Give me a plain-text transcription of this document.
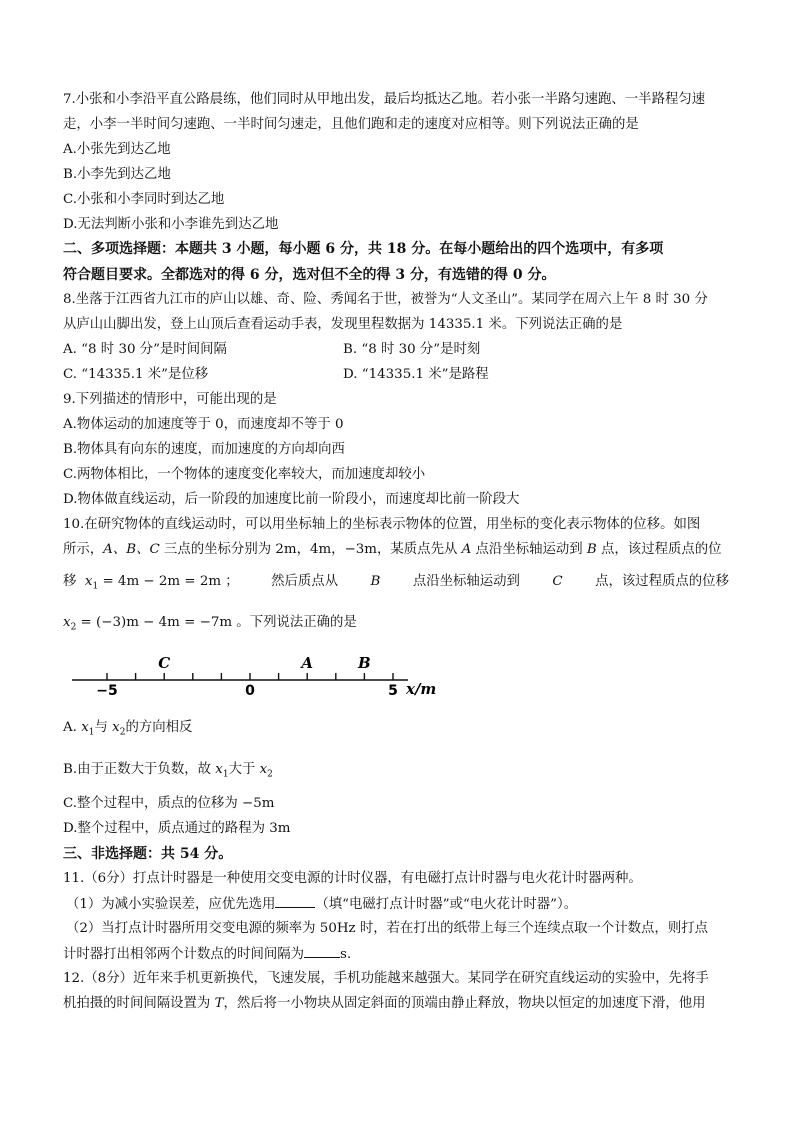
7.小张和小李沿平直公路晨练，他们同时从甲地出发，最后均抵达乙地。若小张一半路匀速跑、一半路程匀速
走，小李一半时间匀速跑、一半时间匀速走，且他们跑和走的速度对应相等。则下列说法正确的是
A.小张先到达乙地
B.小李先到达乙地
C.小张和小李同时到达乙地
D.无法判断小张和小李谁先到达乙地
二、多项选择题：本题共 3 小题，每小题 6 分，共 18 分。在每小题给出的四个选项中，有多项
符合题目要求。全都选对的得 6 分，选对但不全的得 3 分，有选错的得 0 分。
8.坐落于江西省九江市的庐山以雄、奇、险、秀闻名于世，被誉为“人文圣山”。某同学在周六上午 8 时 30 分
从庐山山脚出发，登上山顶后查看运动手表，发现里程数据为 14335.1 米。下列说法正确的是
A. “8 时 30 分”是时间间隔	B. “8 时 30 分”是时刻
C. “14335.1 米”是位移	D. “14335.1 米”是路程
9.下列描述的情形中，可能出现的是
A.物体运动的加速度等于 0，而速度却不等于 0
B.物体具有向东的速度，而加速度的方向却向西
C.两物体相比，一个物体的速度变化率较大，而加速度却较小
D.物体做直线运动，后一阶段的加速度比前一阶段小，而速度却比前一阶段大
10.在研究物体的直线运动时，可以用坐标轴上的坐标表示物体的位置，用坐标的变化表示物体的位移。如图
所示，A、B、C 三点的坐标分别为 2m，4m，−3m，某质点先从 A 点沿坐标轴运动到 B 点，该过程质点的位
移 $x_1 = 4m - 2m = 2m$ ； 然后质点从 B 点沿坐标轴运动到 C 点，该过程质点的位移
$x_2 = (-3)m - 4m = -7m$ 。下列说法正确的是
−5	0	5
C	A	B
x/m
A. $x_1$与 $x_2$的方向相反
B.由于正数大于负数，故 $x_1$大于 $x_2$
C.整个过程中，质点的位移为 −5m
D.整个过程中，质点通过的路程为 3m
三、非选择题：共 54 分。
11.（6分）打点计时器是一种使用交变电源的计时仪器，有电磁打点计时器与电火花计时器两种。
（1）为减小实验误差，应优先选用	（填“电磁打点计时器”或“电火花计时器”）。
（2）当打点计时器所用交变电源的频率为 50Hz 时，若在打出的纸带上每三个连续点取一个计数点，则打点
计时器打出相邻两个计数点的时间间隔为	s.
12.（8分）近年来手机更新换代，飞速发展，手机功能越来越强大。某同学在研究直线运动的实验中，先将手
机拍摄的时间间隔设置为 T，然后将一小物块从固定斜面的顶端由静止释放，物块以恒定的加速度下滑，他用
